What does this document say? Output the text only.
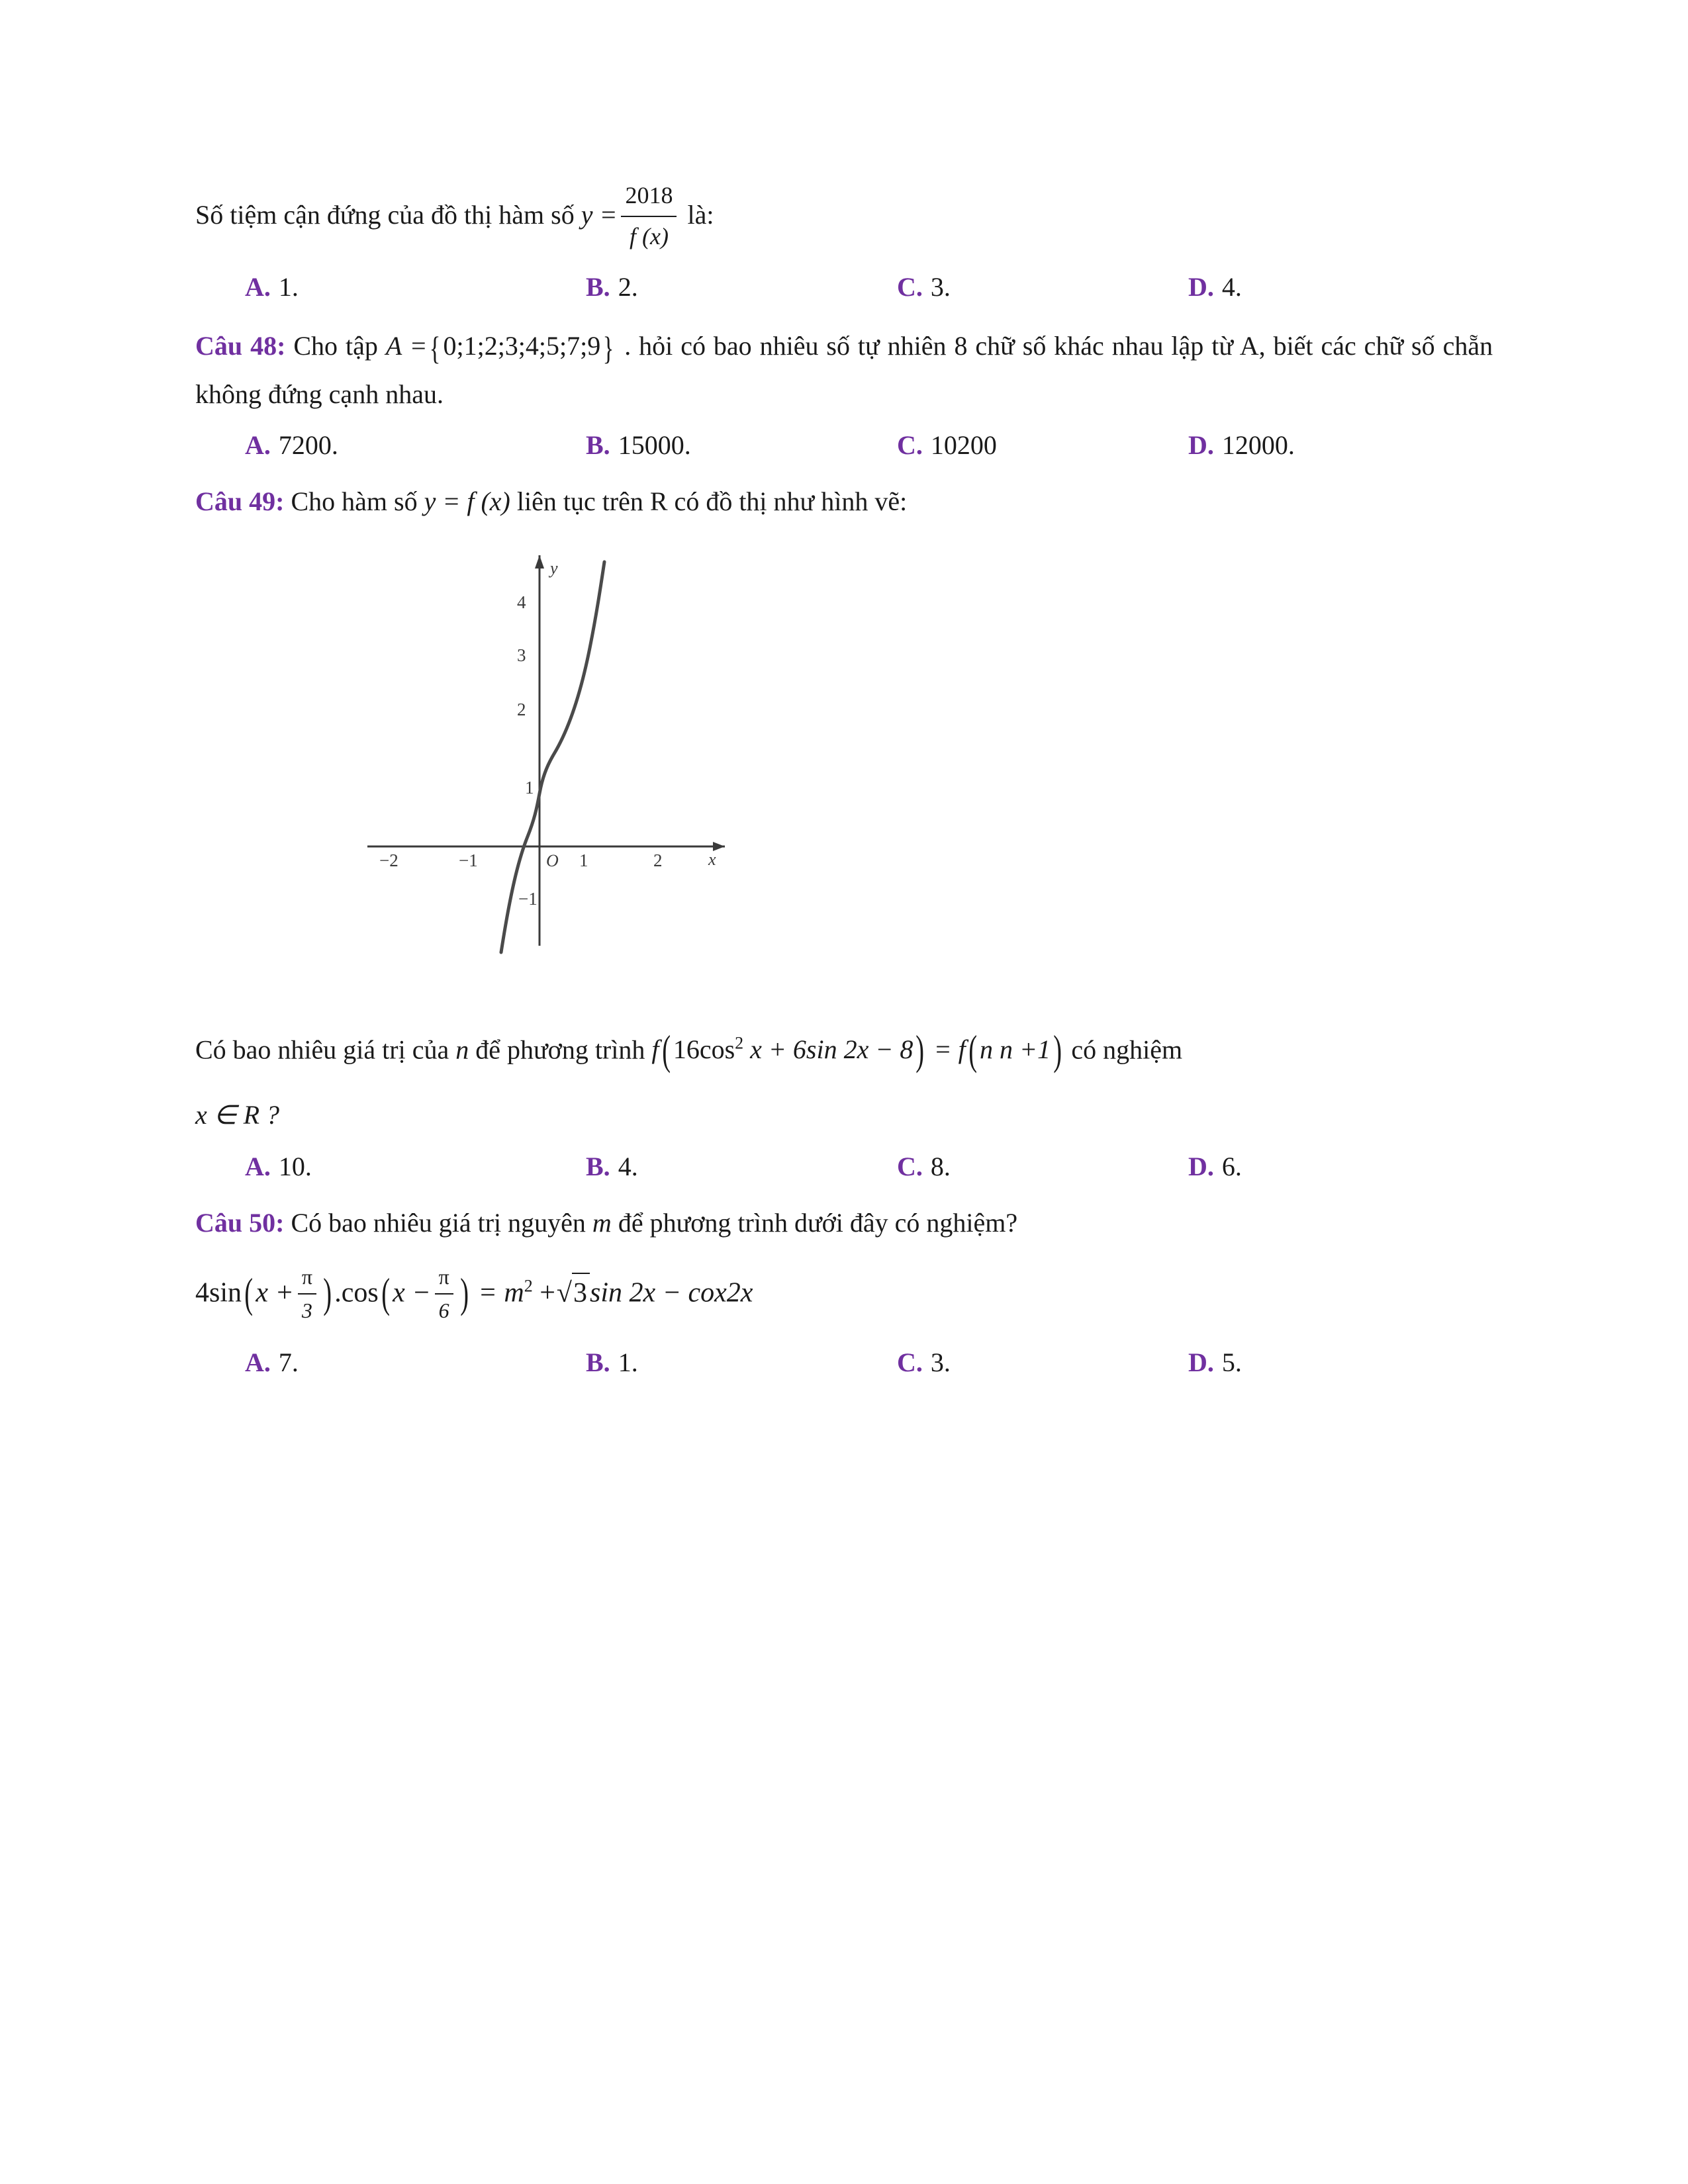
Số tiệm cận đứng của đồ thị hàm số $y = \frac{2018}{f (x)}$ là:

A. 1.	B. 2.	C. 3.	D. 4.

Câu 48: Cho tập A ={0;1;2;3;4;5;7;9} . hỏi có bao nhiêu số tự nhiên 8 chữ số khác nhau lập từ A, biết các chữ số chẵn không đứng cạnh nhau.

A. 7200.	B. 15000.	C. 10200	D. 12000.

Câu 49: Cho hàm số y = f (x) liên tục trên R có đồ thị như hình vẽ:

y
x
O
4
3
2
1
−1
−2	−1	1	2

Có bao nhiêu giá trị của n để phương trình f( $16\cos^2$ x + 6sin 2x − 8) = f( n n +1) có nghiệm

x ∈ R ?

A. 10.	B. 4.	C. 8.	D. 6.

Câu 50: Có bao nhiêu giá trị nguyên m để phương trình dưới đây có nghiệm?

4sin( $x + \frac{\pi}{3}$ ) .cos( $x - \frac{\pi}{6}$ ) = $m^2 +√3\sin$ 2x − cox2x

A. 7.	B. 1.	C. 3.	D. 5.
